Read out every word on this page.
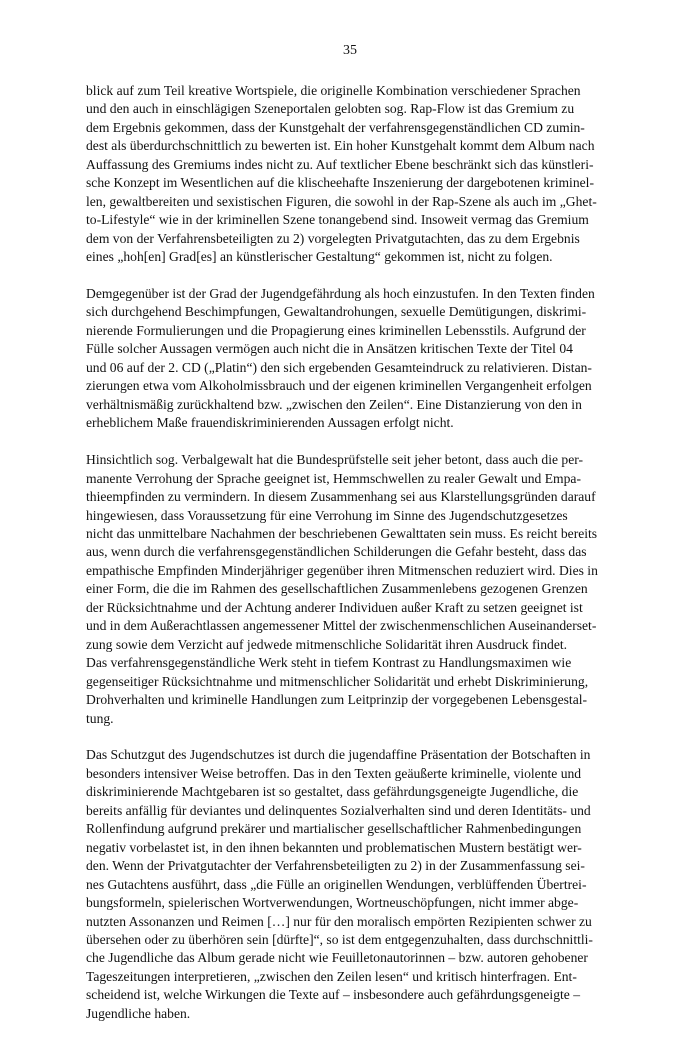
35

blick auf zum Teil kreative Wortspiele, die originelle Kombination verschiedener Sprachen
und den auch in einschlägigen Szeneportalen gelobten sog. Rap-Flow ist das Gremium zu
dem Ergebnis gekommen, dass der Kunstgehalt der verfahrensgegenständlichen CD zumin-
dest als überdurchschnittlich zu bewerten ist. Ein hoher Kunstgehalt kommt dem Album nach
Auffassung des Gremiums indes nicht zu. Auf textlicher Ebene beschränkt sich das künstleri-
sche Konzept im Wesentlichen auf die klischeehafte Inszenierung der dargebotenen kriminel-
len, gewaltbereiten und sexistischen Figuren, die sowohl in der Rap-Szene als auch im „Ghet-
to-Lifestyle“ wie in der kriminellen Szene tonangebend sind. Insoweit vermag das Gremium
dem von der Verfahrensbeteiligten zu 2) vorgelegten Privatgutachten, das zu dem Ergebnis
eines „hoh[en] Grad[es] an künstlerischer Gestaltung“ gekommen ist, nicht zu folgen.

Demgegenüber ist der Grad der Jugendgefährdung als hoch einzustufen. In den Texten finden
sich durchgehend Beschimpfungen, Gewaltandrohungen, sexuelle Demütigungen, diskrimi-
nierende Formulierungen und die Propagierung eines kriminellen Lebensstils. Aufgrund der
Fülle solcher Aussagen vermögen auch nicht die in Ansätzen kritischen Texte der Titel 04
und 06 auf der 2. CD („Platin“) den sich ergebenden Gesamteindruck zu relativieren. Distan-
zierungen etwa vom Alkoholmissbrauch und der eigenen kriminellen Vergangenheit erfolgen
verhältnismäßig zurückhaltend bzw. „zwischen den Zeilen“. Eine Distanzierung von den in
erheblichem Maße frauendiskriminierenden Aussagen erfolgt nicht.

Hinsichtlich sog. Verbalgewalt hat die Bundesprüfstelle seit jeher betont, dass auch die per-
manente Verrohung der Sprache geeignet ist, Hemmschwellen zu realer Gewalt und Empa-
thieempfinden zu vermindern. In diesem Zusammenhang sei aus Klarstellungsgründen darauf
hingewiesen, dass Voraussetzung für eine Verrohung im Sinne des Jugendschutzgesetzes
nicht das unmittelbare Nachahmen der beschriebenen Gewalttaten sein muss. Es reicht bereits
aus, wenn durch die verfahrensgegenständlichen Schilderungen die Gefahr besteht, dass das
empathische Empfinden Minderjähriger gegenüber ihren Mitmenschen reduziert wird. Dies in
einer Form, die die im Rahmen des gesellschaftlichen Zusammenlebens gezogenen Grenzen
der Rücksichtnahme und der Achtung anderer Individuen außer Kraft zu setzen geeignet ist
und in dem Außerachtlassen angemessener Mittel der zwischenmenschlichen Auseinanderset-
zung sowie dem Verzicht auf jedwede mitmenschliche Solidarität ihren Ausdruck findet.
Das verfahrensgegenständliche Werk steht in tiefem Kontrast zu Handlungsmaximen wie
gegenseitiger Rücksichtnahme und mitmenschlicher Solidarität und erhebt Diskriminierung,
Drohverhalten und kriminelle Handlungen zum Leitprinzip der vorgegebenen Lebensgestal-
tung.

Das Schutzgut des Jugendschutzes ist durch die jugendaffine Präsentation der Botschaften in
besonders intensiver Weise betroffen. Das in den Texten geäußerte kriminelle, violente und
diskriminierende Machtgebaren ist so gestaltet, dass gefährdungsgeneigte Jugendliche, die
bereits anfällig für deviantes und delinquentes Sozialverhalten sind und deren Identitäts- und
Rollenfindung aufgrund prekärer und martialischer gesellschaftlicher Rahmenbedingungen
negativ vorbelastet ist, in den ihnen bekannten und problematischen Mustern bestätigt wer-
den. Wenn der Privatgutachter der Verfahrensbeteiligten zu 2) in der Zusammenfassung sei-
nes Gutachtens ausführt, dass „die Fülle an originellen Wendungen, verblüffenden Übertrei-
bungsformeln, spielerischen Wortverwendungen, Wortneuschöpfungen, nicht immer abge-
nutzten Assonanzen und Reimen […] nur für den moralisch empörten Rezipienten schwer zu
übersehen oder zu überhören sein [dürfte]“, so ist dem entgegenzuhalten, dass durchschnittli-
che Jugendliche das Album gerade nicht wie Feuilletonautorinnen – bzw. autoren gehobener
Tageszeitungen interpretieren, „zwischen den Zeilen lesen“ und kritisch hinterfragen. Ent-
scheidend ist, welche Wirkungen die Texte auf – insbesondere auch gefährdungsgeneigte –
Jugendliche haben.
